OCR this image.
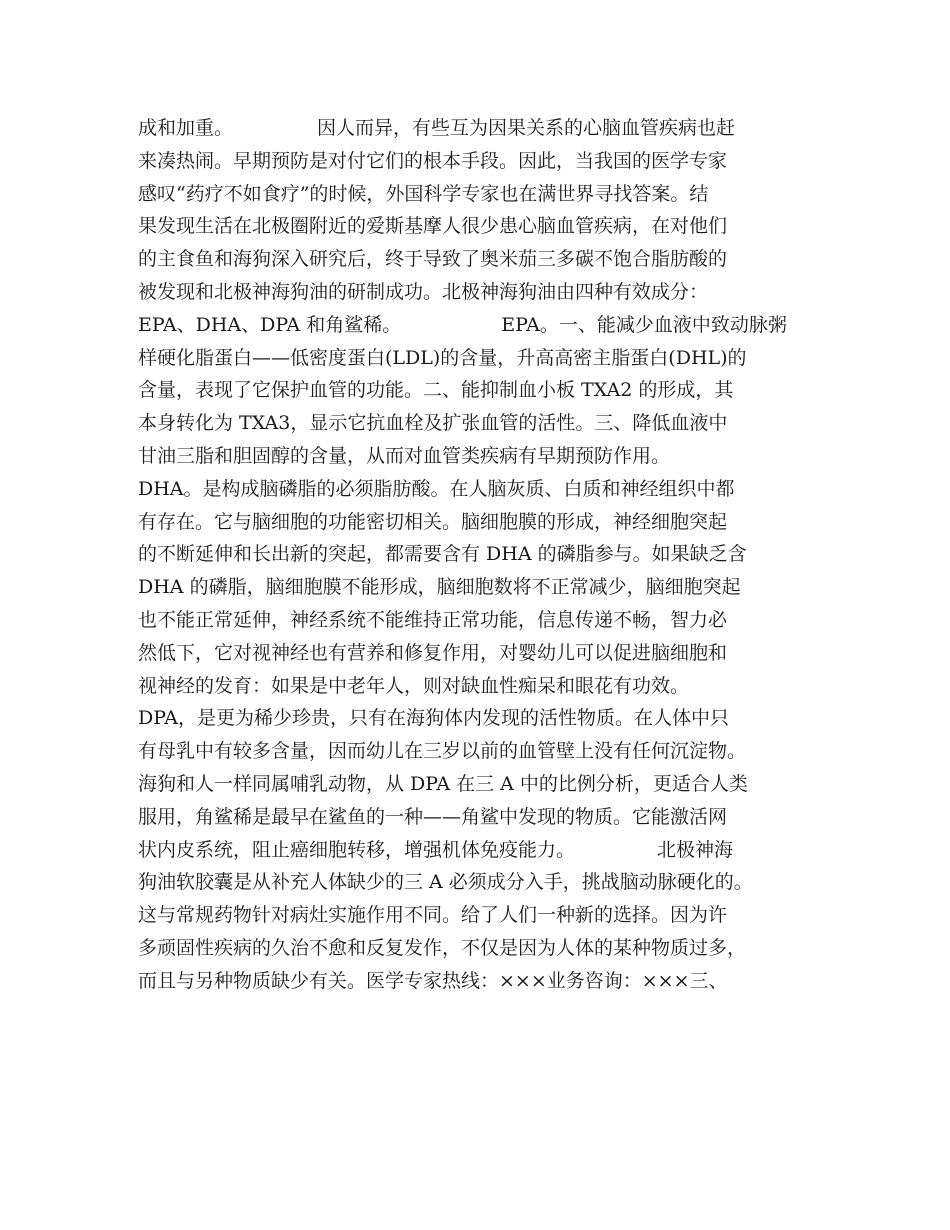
成和加重。	因人而异，有些互为因果关系的心脑血管疾病也赶
来凑热闹。早期预防是对付它们的根本手段。因此，当我国的医学专家
感叹“药疗不如食疗”的时候，外国科学专家也在满世界寻找答案。结
果发现生活在北极圈附近的爱斯基摩人很少患心脑血管疾病，在对他们
的主食鱼和海狗深入研究后，终于导致了奥米茄三多碳不饱合脂肪酸的
被发现和北极神海狗油的研制成功。北极神海狗油由四种有效成分：
EPA、DHA、DPA 和角鲨稀。	EPA。一、能减少血液中致动脉粥
样硬化脂蛋白——低密度蛋白(LDL)的含量，升高高密主脂蛋白(DHL)的
含量，表现了它保护血管的功能。二、能抑制血小板 TXA2 的形成，其
本身转化为 TXA3，显示它抗血栓及扩张血管的活性。三、降低血液中
甘油三脂和胆固醇的含量，从而对血管类疾病有早期预防作用。
DHA。是构成脑磷脂的必须脂肪酸。在人脑灰质、白质和神经组织中都
有存在。它与脑细胞的功能密切相关。脑细胞膜的形成，神经细胞突起
的不断延伸和长出新的突起，都需要含有 DHA 的磷脂参与。如果缺乏含
DHA 的磷脂，脑细胞膜不能形成，脑细胞数将不正常减少，脑细胞突起
也不能正常延伸，神经系统不能维持正常功能，信息传递不畅，智力必
然低下，它对视神经也有营养和修复作用，对婴幼儿可以促进脑细胞和
视神经的发育：如果是中老年人，则对缺血性痴呆和眼花有功效。
DPA，是更为稀少珍贵，只有在海狗体内发现的活性物质。在人体中只
有母乳中有较多含量，因而幼儿在三岁以前的血管壁上没有任何沉淀物。
海狗和人一样同属哺乳动物，从 DPA 在三 A 中的比例分析，更适合人类
服用，角鲨稀是最早在鲨鱼的一种——角鲨中发现的物质。它能激活网
状内皮系统，阻止癌细胞转移，增强机体免疫能力。	北极神海
狗油软胶囊是从补充人体缺少的三 A 必须成分入手，挑战脑动脉硬化的。
这与常规药物针对病灶实施作用不同。给了人们一种新的选择。因为许
多顽固性疾病的久治不愈和反复发作，不仅是因为人体的某种物质过多，
而且与另种物质缺少有关。医学专家热线：×××业务咨询：×××三、
